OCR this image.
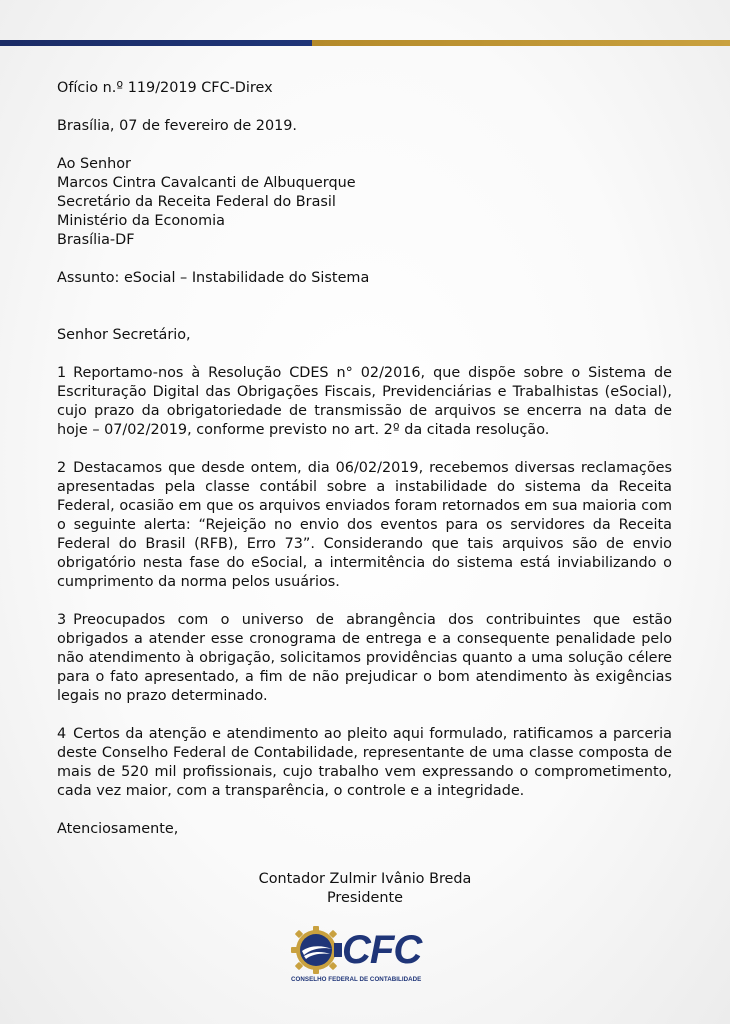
Ofício n.º 119/2019 CFC-Direx

Brasília, 07 de fevereiro de 2019.

Ao Senhor

Marcos Cintra Cavalcanti de Albuquerque

Secretário da Receita Federal do Brasil

Ministério da Economia

Brasília-DF

Assunto: eSocial – Instabilidade do Sistema

Senhor Secretário,

1 Reportamo-nos à Resolução CDES n° 02/2016, que dispõe sobre o Sistema de Escrituração Digital das Obrigações Fiscais, Previdenciárias e Trabalhistas (eSocial), cujo prazo da obrigatoriedade de transmissão de arquivos se encerra na data de hoje – 07/02/2019, conforme previsto no art. 2º da citada resolução.

2 Destacamos que desde ontem, dia 06/02/2019, recebemos diversas reclamações apresentadas pela classe contábil sobre a instabilidade do sistema da Receita Federal, ocasião em que os arquivos enviados foram retornados em sua maioria com o seguinte alerta: “Rejeição no envio dos eventos para os servidores da Receita Federal do Brasil (RFB), Erro 73”. Considerando que tais arquivos são de envio obrigatório nesta fase do eSocial, a intermitência do sistema está inviabilizando o cumprimento da norma pelos usuários.

3 Preocupados com o universo de abrangência dos contribuintes que estão obrigados a atender esse cronograma de entrega e a consequente penalidade pelo não atendimento à obrigação, solicitamos providências quanto a uma solução célere para o fato apresentado, a fim de não prejudicar o bom atendimento às exigências legais no prazo determinado.

4 Certos da atenção e atendimento ao pleito aqui formulado, ratificamos a parceria deste Conselho Federal de Contabilidade, representante de uma classe composta de mais de 520 mil profissionais, cujo trabalho vem expressando o comprometimento, cada vez maior, com a transparência, o controle e a integridade.

Atenciosamente,

Contador Zulmir Ivânio Breda

Presidente

CFC
CONSELHO FEDERAL DE CONTABILIDADE
